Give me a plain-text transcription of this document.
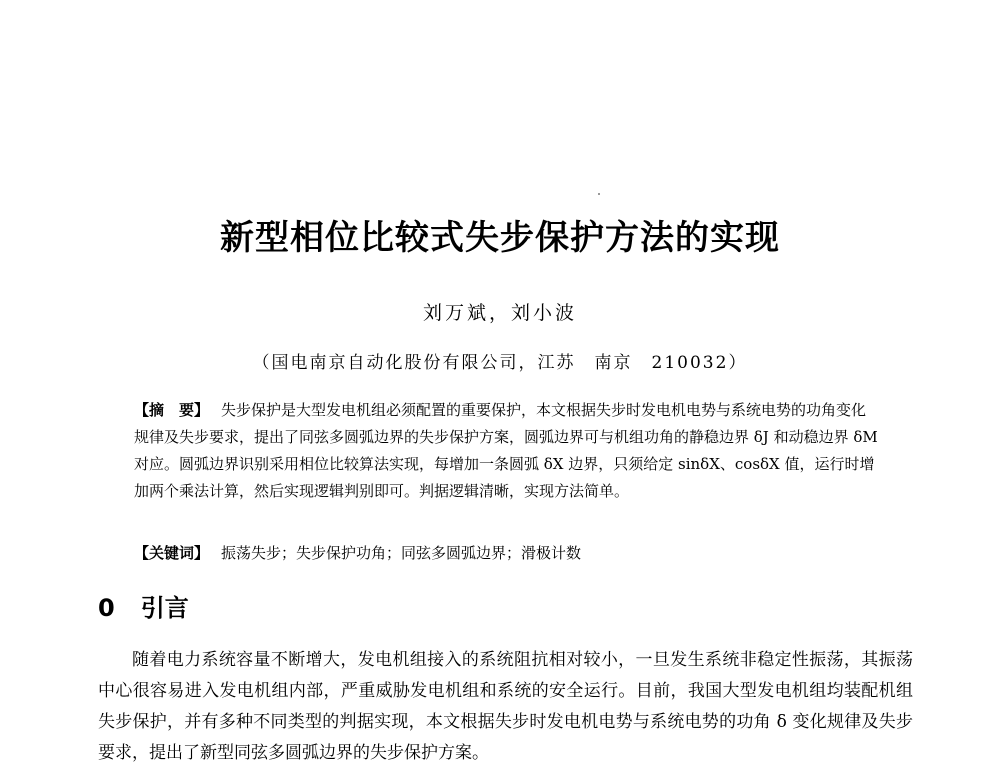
新型相位比较式失步保护方法的实现
刘万斌，刘小波
（国电南京自动化股份有限公司，江苏　南京　210032）
【摘　要】 失步保护是大型发电机组必须配置的重要保护，本文根据失步时发电机电势与系统电势的功角变化规律及失步要求，提出了同弦多圆弧边界的失步保护方案，圆弧边界可与机组功角的静稳边界 δJ 和动稳边界 δM 对应。圆弧边界识别采用相位比较算法实现，每增加一条圆弧 δX 边界，只须给定 sinδX、cosδX 值，运行时增加两个乘法计算，然后实现逻辑判别即可。判据逻辑清晰，实现方法简单。
【关键词】 振荡失步；失步保护功角；同弦多圆弧边界；滑极计数
0 引言
随着电力系统容量不断增大，发电机组接入的系统阻抗相对较小，一旦发生系统非稳定性振荡，其振荡中心很容易进入发电机组内部，严重威胁发电机组和系统的安全运行。目前，我国大型发电机组均装配机组失步保护，并有多种不同类型的判据实现，本文根据失步时发电机电势与系统电势的功角 δ 变化规律及失步要求，提出了新型同弦多圆弧边界的失步保护方案。
